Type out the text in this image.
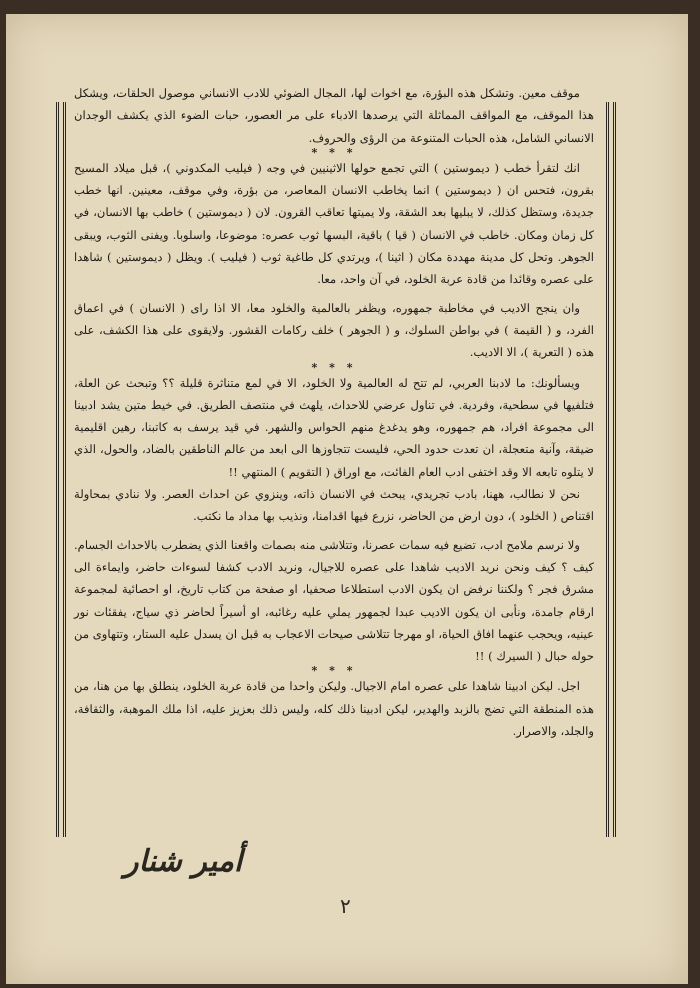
موقف معين. وتشكل هذه البؤرة، مع اخوات لها، المجال الضوئي للادب الانساني موصول الحلقات، ويشكل هذا الموقف، مع المواقف المماثلة التي يرصدها الادباء على مر العصور، حبات الضوء الذي يكشف الوجدان الانساني الشامل، هذه الحبات المتنوعة من الرؤى والحروف.

* * *

انك لتقرأ خطب ( ديموستين ) التي تجمع حولها الاثينيين في وجه ( فيليب المكدوني )، قبل ميلاد المسيح بقرون، فتحس ان ( ديموستين ) انما يخاطب الانسان المعاصر، من بؤرة، وفي موقف، معينين. انها خطب جديدة، وستظل كذلك، لا يبليها بعد الشقة، ولا يميتها تعاقب القرون. لان ( ديموستين ) خاطب بها الانسان، في كل زمان ومكان. خاطب في الانسان ( قيا ) باقية، البسها ثوب عصره: موضوعا، واسلوبا. ويفنى الثوب، ويبقى الجوهر. وتحل كل مدينة مهددة مكان ( اثينا )، ويرتدي كل طاغية ثوب ( فيليب ). ويظل ( ديموستين ) شاهدا على عصره وقائدا من قادة عربة الخلود، في آن واحد، معا.

وان ينجح الاديب في مخاطبة جمهوره، ويظفر بالعالمية والخلود معا، الا اذا راى ( الانسان ) في اعماق الفرد، و ( القيمة ) في بواطن السلوك، و ( الجوهر ) خلف ركامات القشور. ولايقوى على هذا الكشف، على هذه ( التعرية )، الا الاديب.

* * *

ويسألونك: ما لادبنا العربي، لم تتح له العالمية ولا الخلود، الا في لمع متناثرة قليلة ؟؟ وتبحث عن العلة، فتلفيها في سطحية، وفردية. في تناول عرضي للاحداث، يلهث في منتصف الطريق. في خيط متين يشد ادبينا الى مجموعة افراد، هم جمهوره، وهو يدغدغ منهم الحواس والشهر. في قيد يرسف به كاتبنا، رهين اقليمية ضيقة، وآنية متعجلة، ان تعدت حدود الحي، فليست تتجاوزها الى ابعد من عالم الناطقين بالضاد، والحول، الذي لا يتلوه تابعه الا وقد اختفى ادب العام الفائت، مع اوراق ( التقويم ) المنتهي !!

نحن لا نطالب، ههنا، بادب تجريدي، يبحث في الانسان ذاته، وينزوي عن احداث العصر. ولا ننادي بمحاولة اقتناص ( الخلود )، دون ارض من الحاضر، نزرع فيها اقدامنا، ونذيب بها مداد ما نكتب.

ولا نرسم ملامح ادب، تضيع فيه سمات عصرنا، وتتلاشى منه بصمات واقعنا الذي يضطرب بالاحداث الجسام. كيف ؟ كيف ونحن نريد الاديب شاهدا على عصره للاجيال، ونريد الادب كشفا لسوءات حاضر، وايماءة الى مشرق فجر ؟ ولكننا نرفض ان يكون الادب استطلاعا صحفيا، او صفحة من كتاب تاريخ، او احصائية لمجموعة ارقام جامدة، ونأبى ان يكون الاديب عبدا لجمهور يملي عليه رغائبه، او أسيراً لحاضر ذي سياج، يفقئات نور عينيه، ويحجب عنهما افاق الحياة، او مهرجا تتلاشى صيحات الاعجاب به قبل ان يسدل عليه الستار، وتتهاوى من حوله حبال ( السيرك ) !!

* * *

اجل. ليكن ادبينا شاهدا على عصره امام الاجيال. وليكن واحدا من قادة عربة الخلود، ينطلق بها من هنا، من هذه المنطقة التي تضج بالزبد والهدير، ليكن ادبينا ذلك كله، وليس ذلك بعزيز عليه، اذا ملك الموهبة، والثقافة، والجلد، والاصرار.

أمير شنار
٢
